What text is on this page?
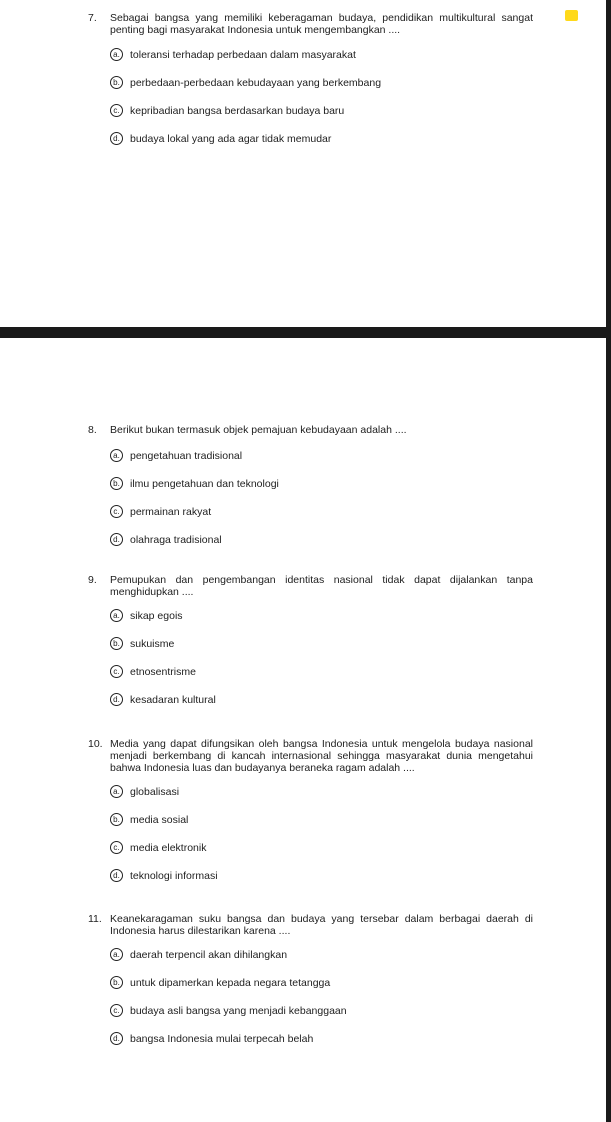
7.	Sebagai bangsa yang memiliki keberagaman budaya, pendidikan multikultural sangat penting bagi masyarakat Indonesia untuk mengembangkan ....
a. toleransi terhadap perbedaan dalam masyarakat
b. perbedaan-perbedaan kebudayaan yang berkembang
c. kepribadian bangsa berdasarkan budaya baru
d. budaya lokal yang ada agar tidak memudar
8.	Berikut bukan termasuk objek pemajuan kebudayaan adalah ....
a. pengetahuan tradisional
b. ilmu pengetahuan dan teknologi
c. permainan rakyat
d. olahraga tradisional
9.	Pemupukan dan pengembangan identitas nasional tidak dapat dijalankan tanpa menghidupkan ....
a. sikap egois
b. sukuisme
c. etnosentrisme
d. kesadaran kultural
10. Media yang dapat difungsikan oleh bangsa Indonesia untuk mengelola budaya nasional menjadi berkembang di kancah internasional sehingga masyarakat dunia mengetahui bahwa Indonesia luas dan budayanya beraneka ragam adalah ....
a. globalisasi
b. media sosial
c. media elektronik
d. teknologi informasi
11. Keanekaragaman suku bangsa dan budaya yang tersebar dalam berbagai daerah di Indonesia harus dilestarikan karena ....
a. daerah terpencil akan dihilangkan
b. untuk dipamerkan kepada negara tetangga
c. budaya asli bangsa yang menjadi kebanggaan
d. bangsa Indonesia mulai terpecah belah
